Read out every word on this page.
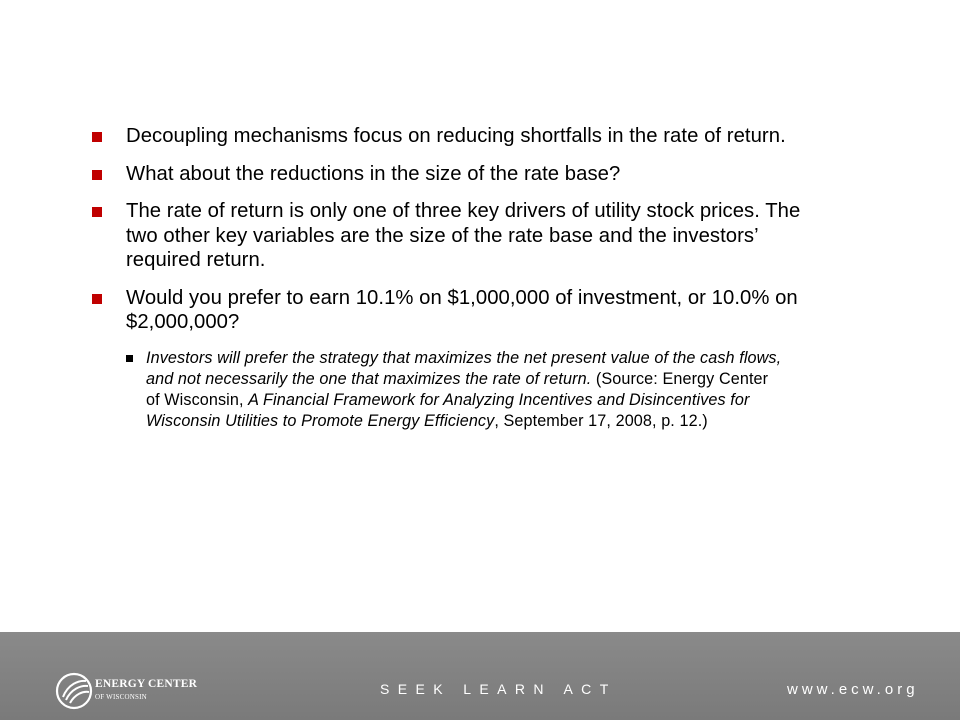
Decoupling mechanisms focus on reducing shortfalls in the rate of return.
What about the reductions in the size of the rate base?
The rate of return is only one of three key drivers of utility stock prices. The two other key variables are the size of the rate base and the investors’ required return.
Would you prefer to earn 10.1% on $1,000,000 of investment, or 10.0% on $2,000,000?
Investors will prefer the strategy that maximizes the net present value of the cash flows, and not necessarily the one that maximizes the rate of return. (Source: Energy Center of Wisconsin, A Financial Framework for Analyzing Incentives and Disincentives for Wisconsin Utilities to Promote Energy Efficiency, September 17, 2008, p. 12.)
ENERGY CENTER
OF WISCONSIN	SEEK LEARN ACT	www.ecw.org
